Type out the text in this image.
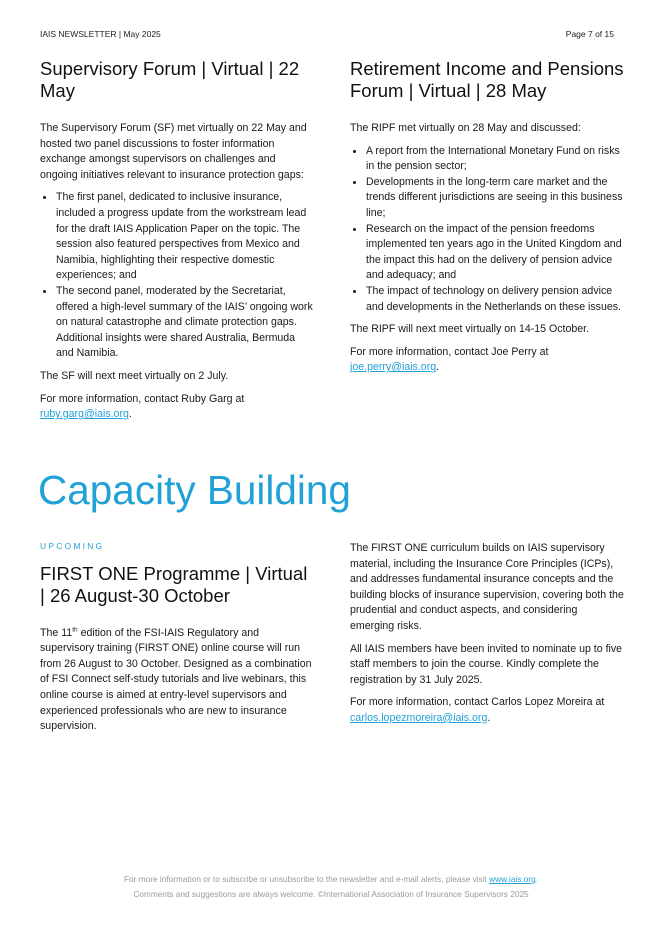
IAIS NEWSLETTER | May 2025	Page 7 of 15
Supervisory Forum | Virtual | 22 May

The Supervisory Forum (SF) met virtually on 22 May and hosted two panel discussions to foster information exchange amongst supervisors on challenges and ongoing initiatives relevant to insurance protection gaps:

• The first panel, dedicated to inclusive insurance, included a progress update from the workstream lead for the draft IAIS Application Paper on the topic. The session also featured perspectives from Mexico and Namibia, highlighting their respective domestic experiences; and
• The second panel, moderated by the Secretariat, offered a high-level summary of the IAIS’ ongoing work on natural catastrophe and climate protection gaps. Additional insights were shared Australia, Bermuda and Namibia.

The SF will next meet virtually on 2 July.

For more information, contact Ruby Garg at ruby.garg@iais.org.

Retirement Income and Pensions Forum | Virtual | 28 May

The RIPF met virtually on 28 May and discussed:

• A report from the International Monetary Fund on risks in the pension sector;
• Developments in the long-term care market and the trends different jurisdictions are seeing in this business line;
• Research on the impact of the pension freedoms implemented ten years ago in the United Kingdom and the impact this had on the delivery of pension advice and adequacy; and
• The impact of technology on delivery pension advice and developments in the Netherlands on these issues.

The RIPF will next meet virtually on 14-15 October.

For more information, contact Joe Perry at joe.perry@iais.org.

Capacity Building
UPCOMING
FIRST ONE Programme | Virtual | 26 August-30 October

The 11th edition of the FSI-IAIS Regulatory and supervisory training (FIRST ONE) online course will run from 26 August to 30 October. Designed as a combination of FSI Connect self-study tutorials and live webinars, this online course is aimed at entry-level supervisors and experienced professionals who are new to insurance supervision.

The FIRST ONE curriculum builds on IAIS supervisory material, including the Insurance Core Principles (ICPs), and addresses fundamental insurance concepts and the building blocks of insurance supervision, covering both the prudential and conduct aspects, and considering emerging risks.

All IAIS members have been invited to nominate up to five staff members to join the course. Kindly complete the registration by 31 July 2025.

For more information, contact Carlos Lopez Moreira at carlos.lopezmoreira@iais.org.

For more information or to subscribe or unsubscribe to the newsletter and e-mail alerts, please visit www.iais.org.
Comments and suggestions are always welcome. ©International Association of Insurance Supervisors 2025
